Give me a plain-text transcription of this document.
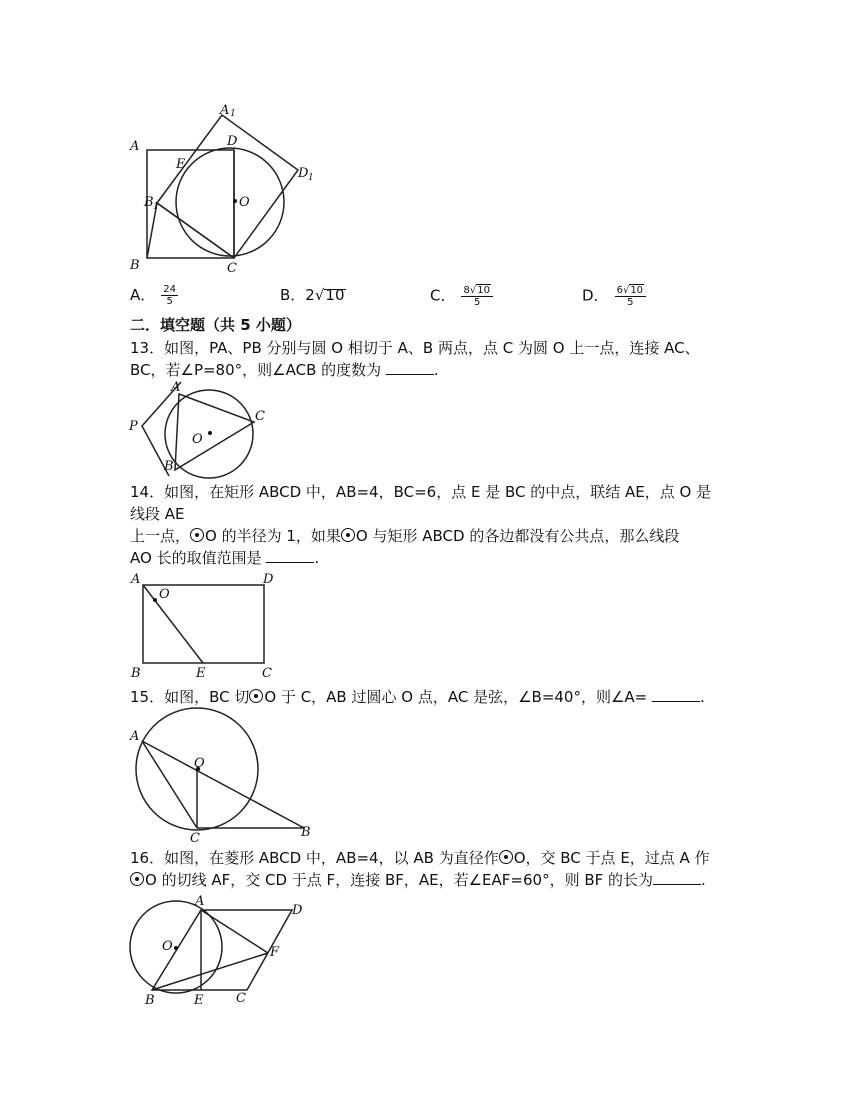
A
A 1
D
D 1
E
B 1	O
B	C
A． $\frac{24}{5}$	B．2√10	C． $\frac{8√10}{5}$	D． $\frac{6√10}{5}$
二．填空题（共 5 小题）
13．如图，PA、PB 分别与圆 O 相切于 A、B 两点，点 C 为圆 O 上一点，连接 AC、
BC，若∠P=80°，则∠ACB 的度数为	.
A
P
C
O
B
14．如图，在矩形 ABCD 中，AB=4，BC=6，点 E 是 BC 的中点，联结 AE，点 O 是
线段 AE
上一点， O 的半径为 1，如果 O 与矩形 ABCD 的各边都没有公共点，那么线段
AO 长的取值范围是	.
A
O
D
B	E	C
15．如图，BC 切 O 于 C，AB 过圆心 O 点，AC 是弦，∠B=40°，则∠A=	.
A
O
C	B
16．如图，在菱形 ABCD 中，AB=4，以 AB 为直径作 O，交 BC 于点 E，过点 A 作
O 的切线 AF，交 CD 于点 F，连接 BF，AE，若∠EAF=60°，则 BF 的长为	.
A
D
O	F
B	E	C
